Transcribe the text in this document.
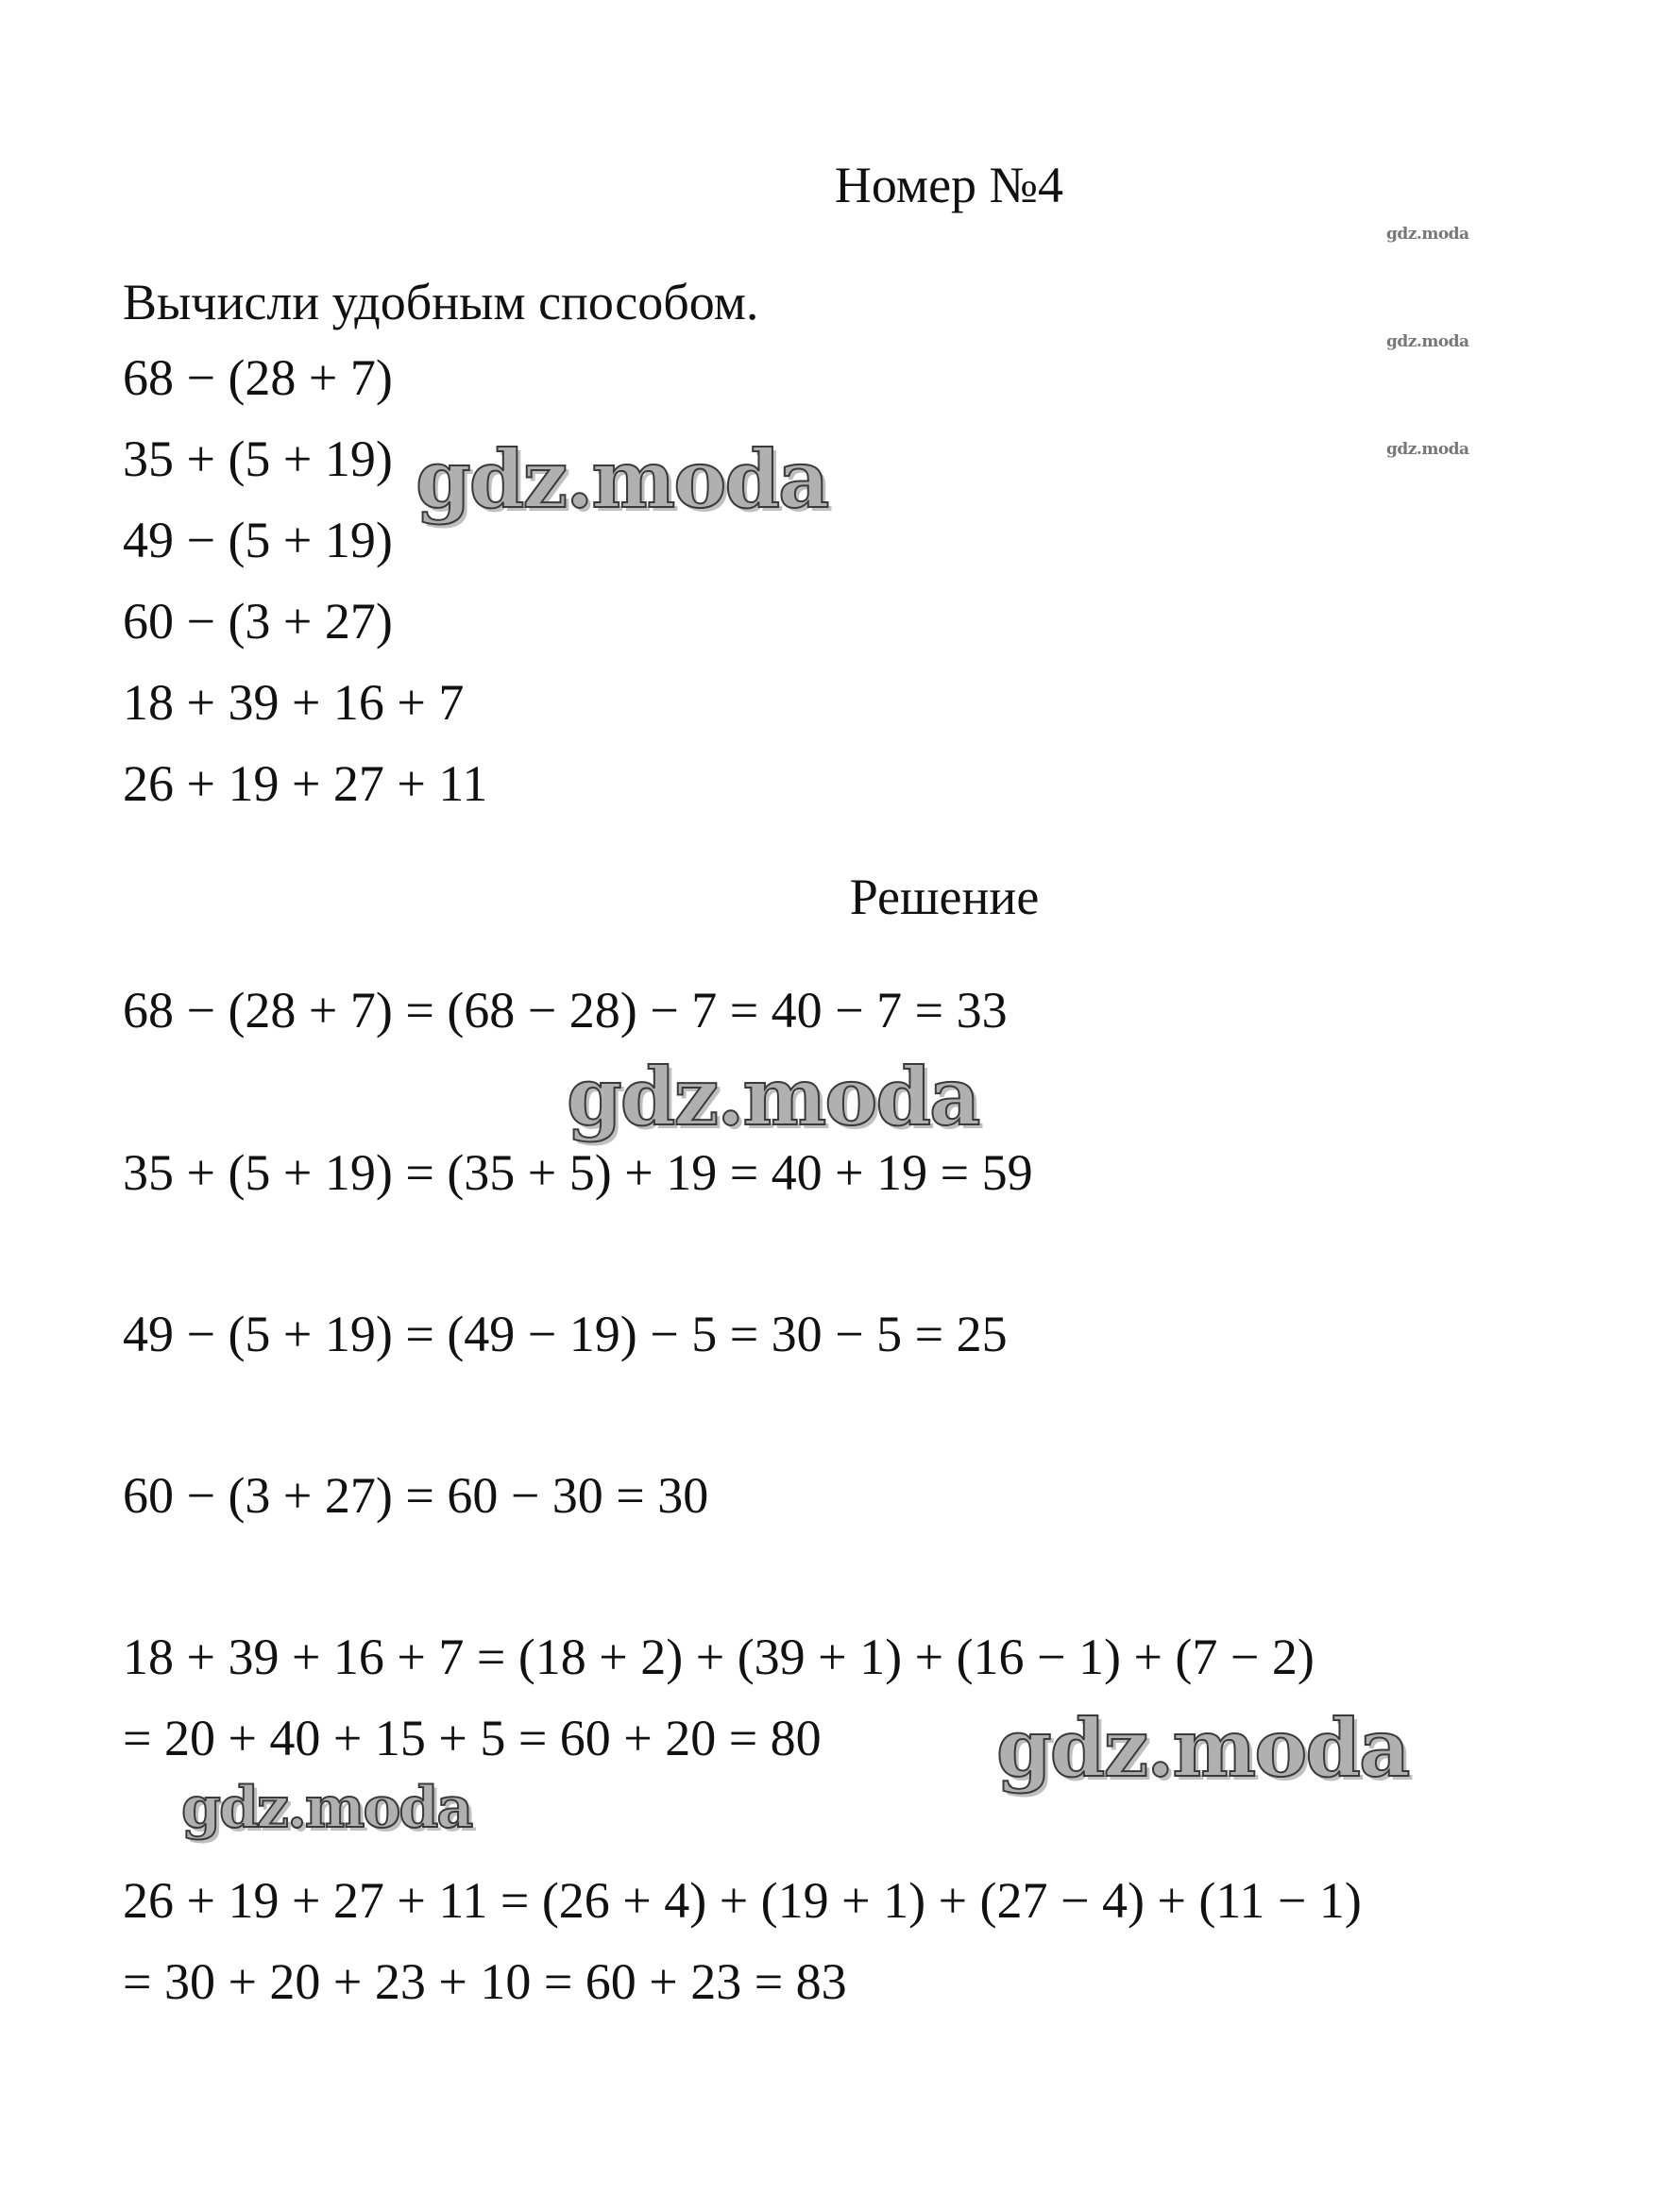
Номер №4
gdz.moda
gdz.moda
gdz.moda
Вычисли удобным способом.
68 − (28 + 7)
35 + (5 + 19)
49 − (5 + 19)
60 − (3 + 27)
18 + 39 + 16 + 7
26 + 19 + 27 + 11
gdz.moda
Решение
68 − (28 + 7) = (68 − 28) − 7 = 40 − 7 = 33
gdz.moda
35 + (5 + 19) = (35 + 5) + 19 = 40 + 19 = 59
49 − (5 + 19) = (49 − 19) − 5 = 30 − 5 = 25
60 − (3 + 27) = 60 − 30 = 30
18 + 39 + 16 + 7 = (18 + 2) + (39 + 1) + (16 − 1) + (7 − 2)
= 20 + 40 + 15 + 5 = 60 + 20 = 80 gdz.moda
gdz.moda
26 + 19 + 27 + 11 = (26 + 4) + (19 + 1) + (27 − 4) + (11 − 1)
= 30 + 20 + 23 + 10 = 60 + 23 = 83
